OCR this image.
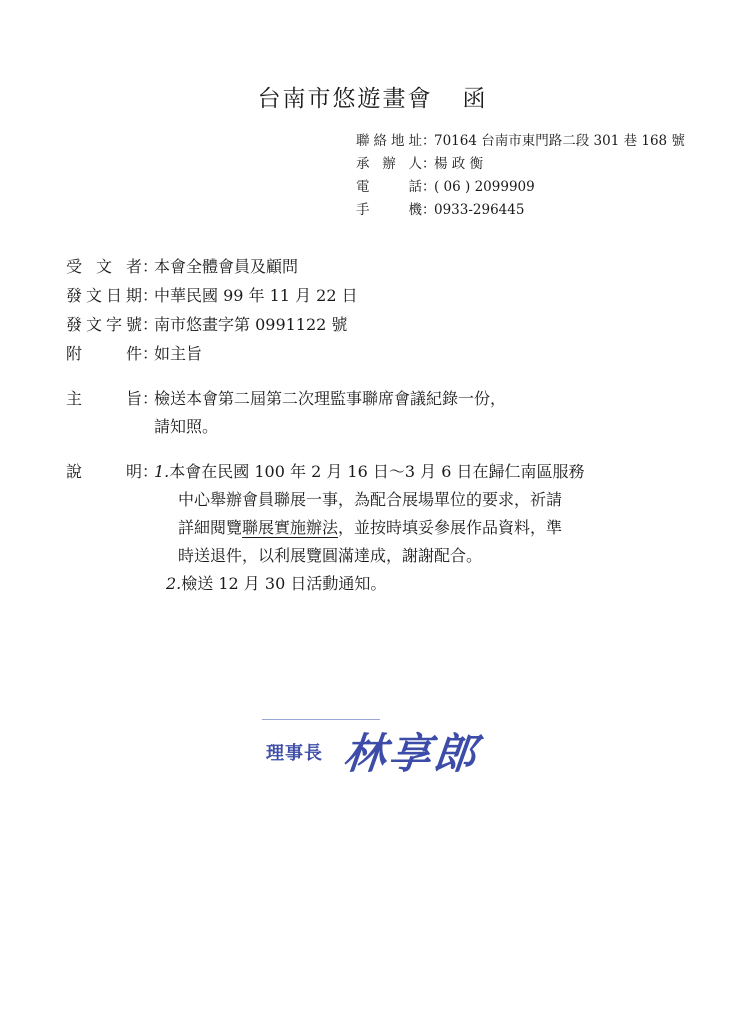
台南市悠遊畫會 函
聯絡地址：70164 台南市東門路二段 301 巷 168 號
承辦人：楊 政 衡
電話：( 06 ) 2099909
手機：0933-296445
受文者：本會全體會員及顧問
發文日期：中華民國 99 年 11 月 22 日
發文字號：南市悠畫字第 0991122 號
附件：如主旨
主旨：檢送本會第二屆第二次理監事聯席會議紀錄一份，
請知照。
說明：1.本會在民國 100 年 2 月 16 日～3 月 6 日在歸仁南區服務
中心舉辦會員聯展一事，為配合展場單位的要求，祈請
詳細閱覽聯展實施辦法，並按時填妥參展作品資料，準
時送退件，以利展覽圓滿達成，謝謝配合。
2.檢送 12 月 30 日活動通知。
理事長 林享郎
